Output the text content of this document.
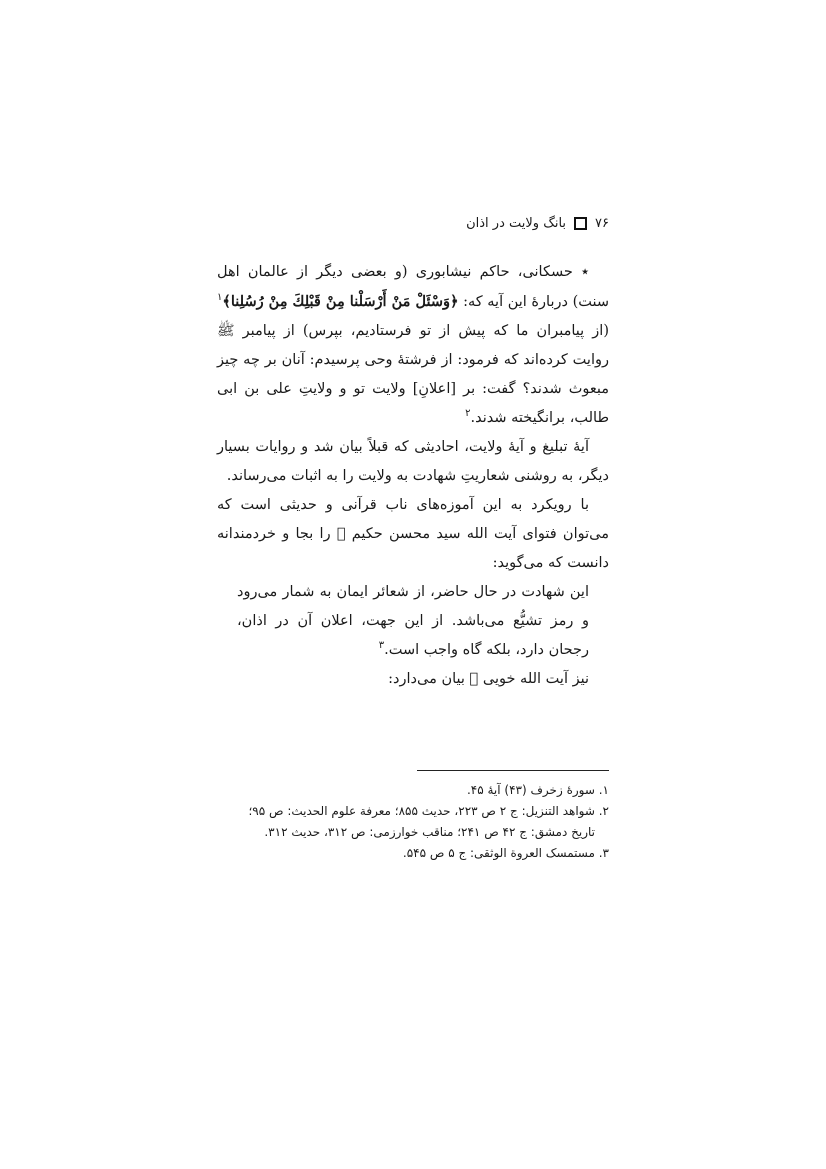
۷۶
بانگ ولایت در اذان

٭ حسکانی، حاکم نیشابوری (و بعضی دیگر از عالمان اهل سنت) دربارهٔ این آیه که: ﴿وَسْئَلْ مَنْ أَرْسَلْنا مِنْ قَبْلِكَ مِنْ رُسُلِنا﴾$^۱$ (از پیامبران ما که پیش از تو فرستادیم، بپرس) از پیامبر ﷺ روایت کرده‌اند که فرمود: از فرشتهٔ وحی پرسیدم: آنان بر چه چیز مبعوث شدند؟ گفت: بر [اعلانِ] ولایت تو و ولایتِ علی بن ابی طالب، برانگیخته شدند.$^۲$

آیهٔ تبلیغ و آیهٔ ولایت، احادیثی که قبلاً بیان شد و روایات بسیار دیگر، به روشنی شعاریتِ شهادت به ولایت را به اثبات می‌رساند.

با رویکرد به این آموزه‌های ناب قرآنی و حدیثی است که می‌توان فتوای آیت الله سید محسن حکیم ﷨ را بجا و خردمندانه دانست که می‌گوید:

این شهادت در حال حاضر، از شعائر ایمان به شمار می‌رود و رمز تشیُّع می‌باشد. از این جهت، اعلان آن در اذان، رجحان دارد، بلکه گاه واجب است.$^۳$

نیز آیت الله خویی ﷨ بیان می‌دارد:

۱. سورهٔ زخرف (۴۳) آیهٔ ۴۵.

۲. شواهد التنزیل: ج ۲ ص ۲۲۳، حدیث ۸۵۵؛ معرفة علوم الحدیث: ص ۹۵؛

تاریخ دمشق: ج ۴۲ ص ۲۴۱؛ مناقب خوارزمی: ص ۳۱۲، حدیث ۳۱۲.

۳. مستمسک العروة الوثقی: ج ۵ ص ۵۴۵.
